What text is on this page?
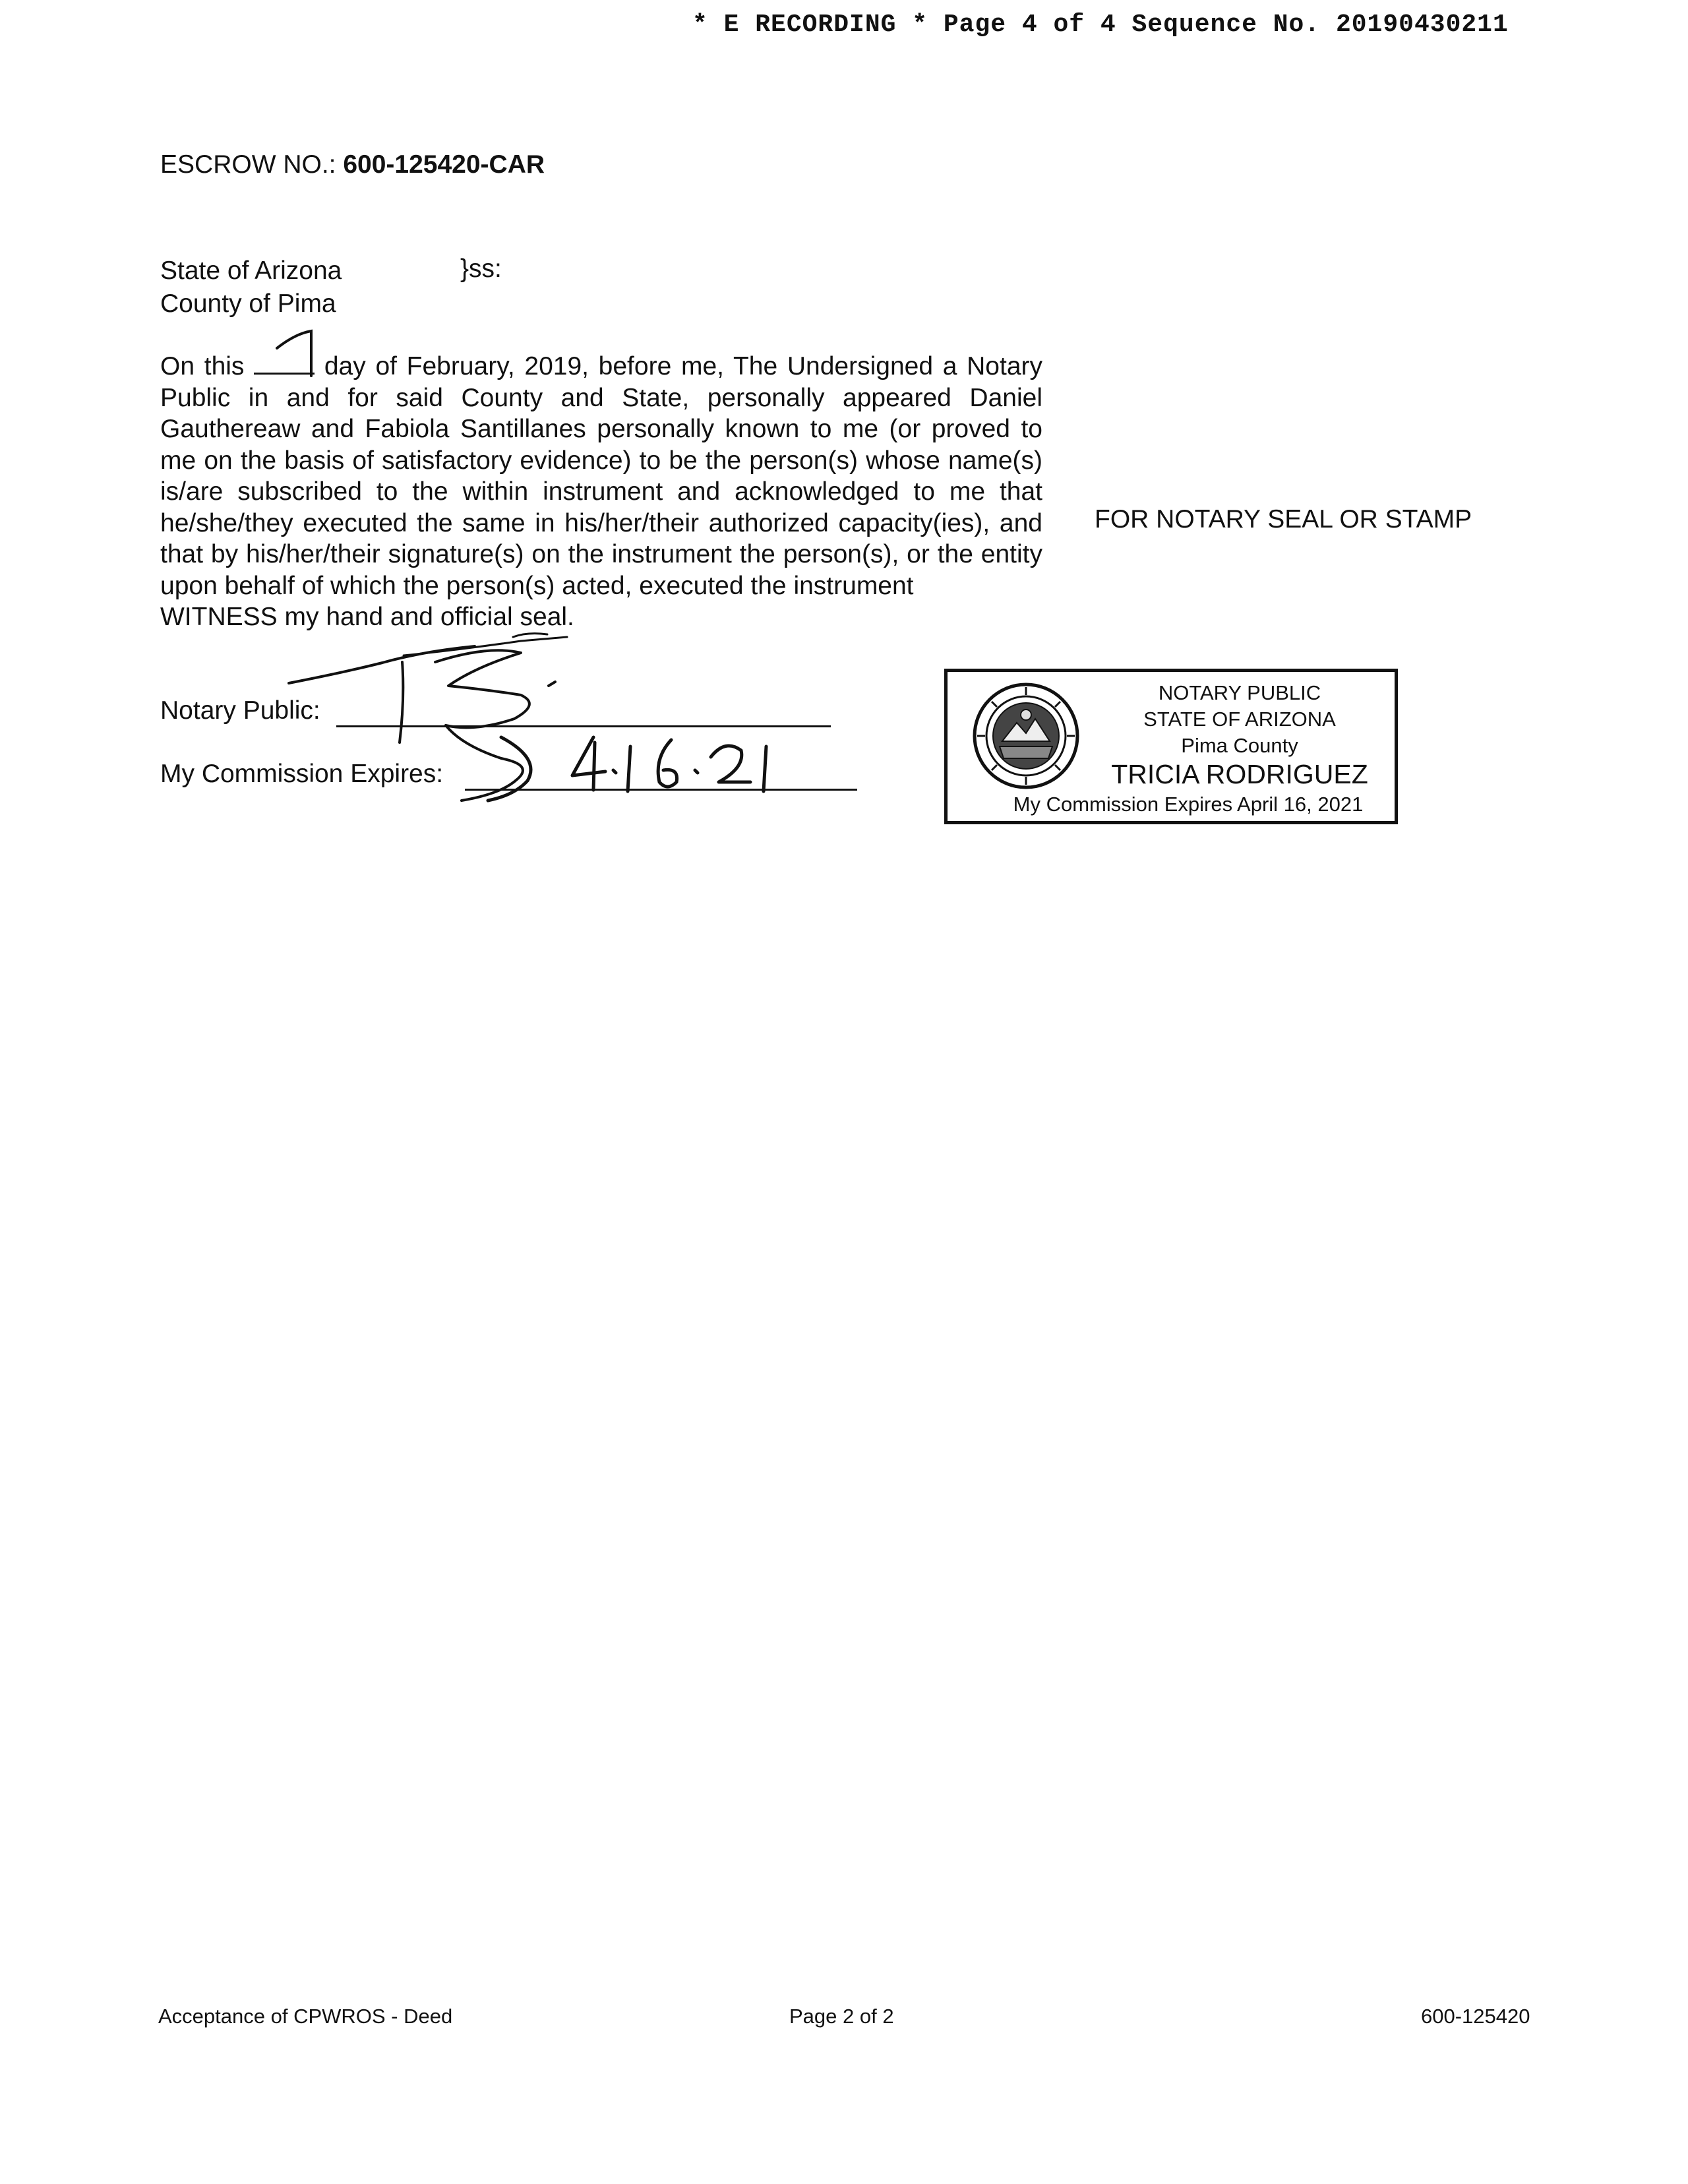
* E RECORDING * Page 4 of 4 Sequence No. 20190430211
ESCROW NO.: 600-125420-CAR
State of Arizona
County of Pima
}ss:

On this	day of February, 2019, before me, The Undersigned a Notary Public in and for said County and State, personally appeared Daniel Gauthereaw and Fabiola Santillanes personally known to me (or proved to me on the basis of satisfactory evidence) to be the person(s) whose name(s) is/are subscribed to the within instrument and acknowledged to me that he/she/they executed the same in his/her/their authorized capacity(ies), and that by his/her/their signature(s) on the instrument the person(s), or the entity upon behalf of which the person(s) acted, executed the instrument

WITNESS my hand and official seal.

FOR NOTARY SEAL OR STAMP
Notary Public:
My Commission Expires:
NOTARY PUBLIC
STATE OF ARIZONA
Pima County
TRICIA RODRIGUEZ
My Commission Expires April 16, 2021
Acceptance of CPWROS - Deed	Page 2 of 2	600-125420
